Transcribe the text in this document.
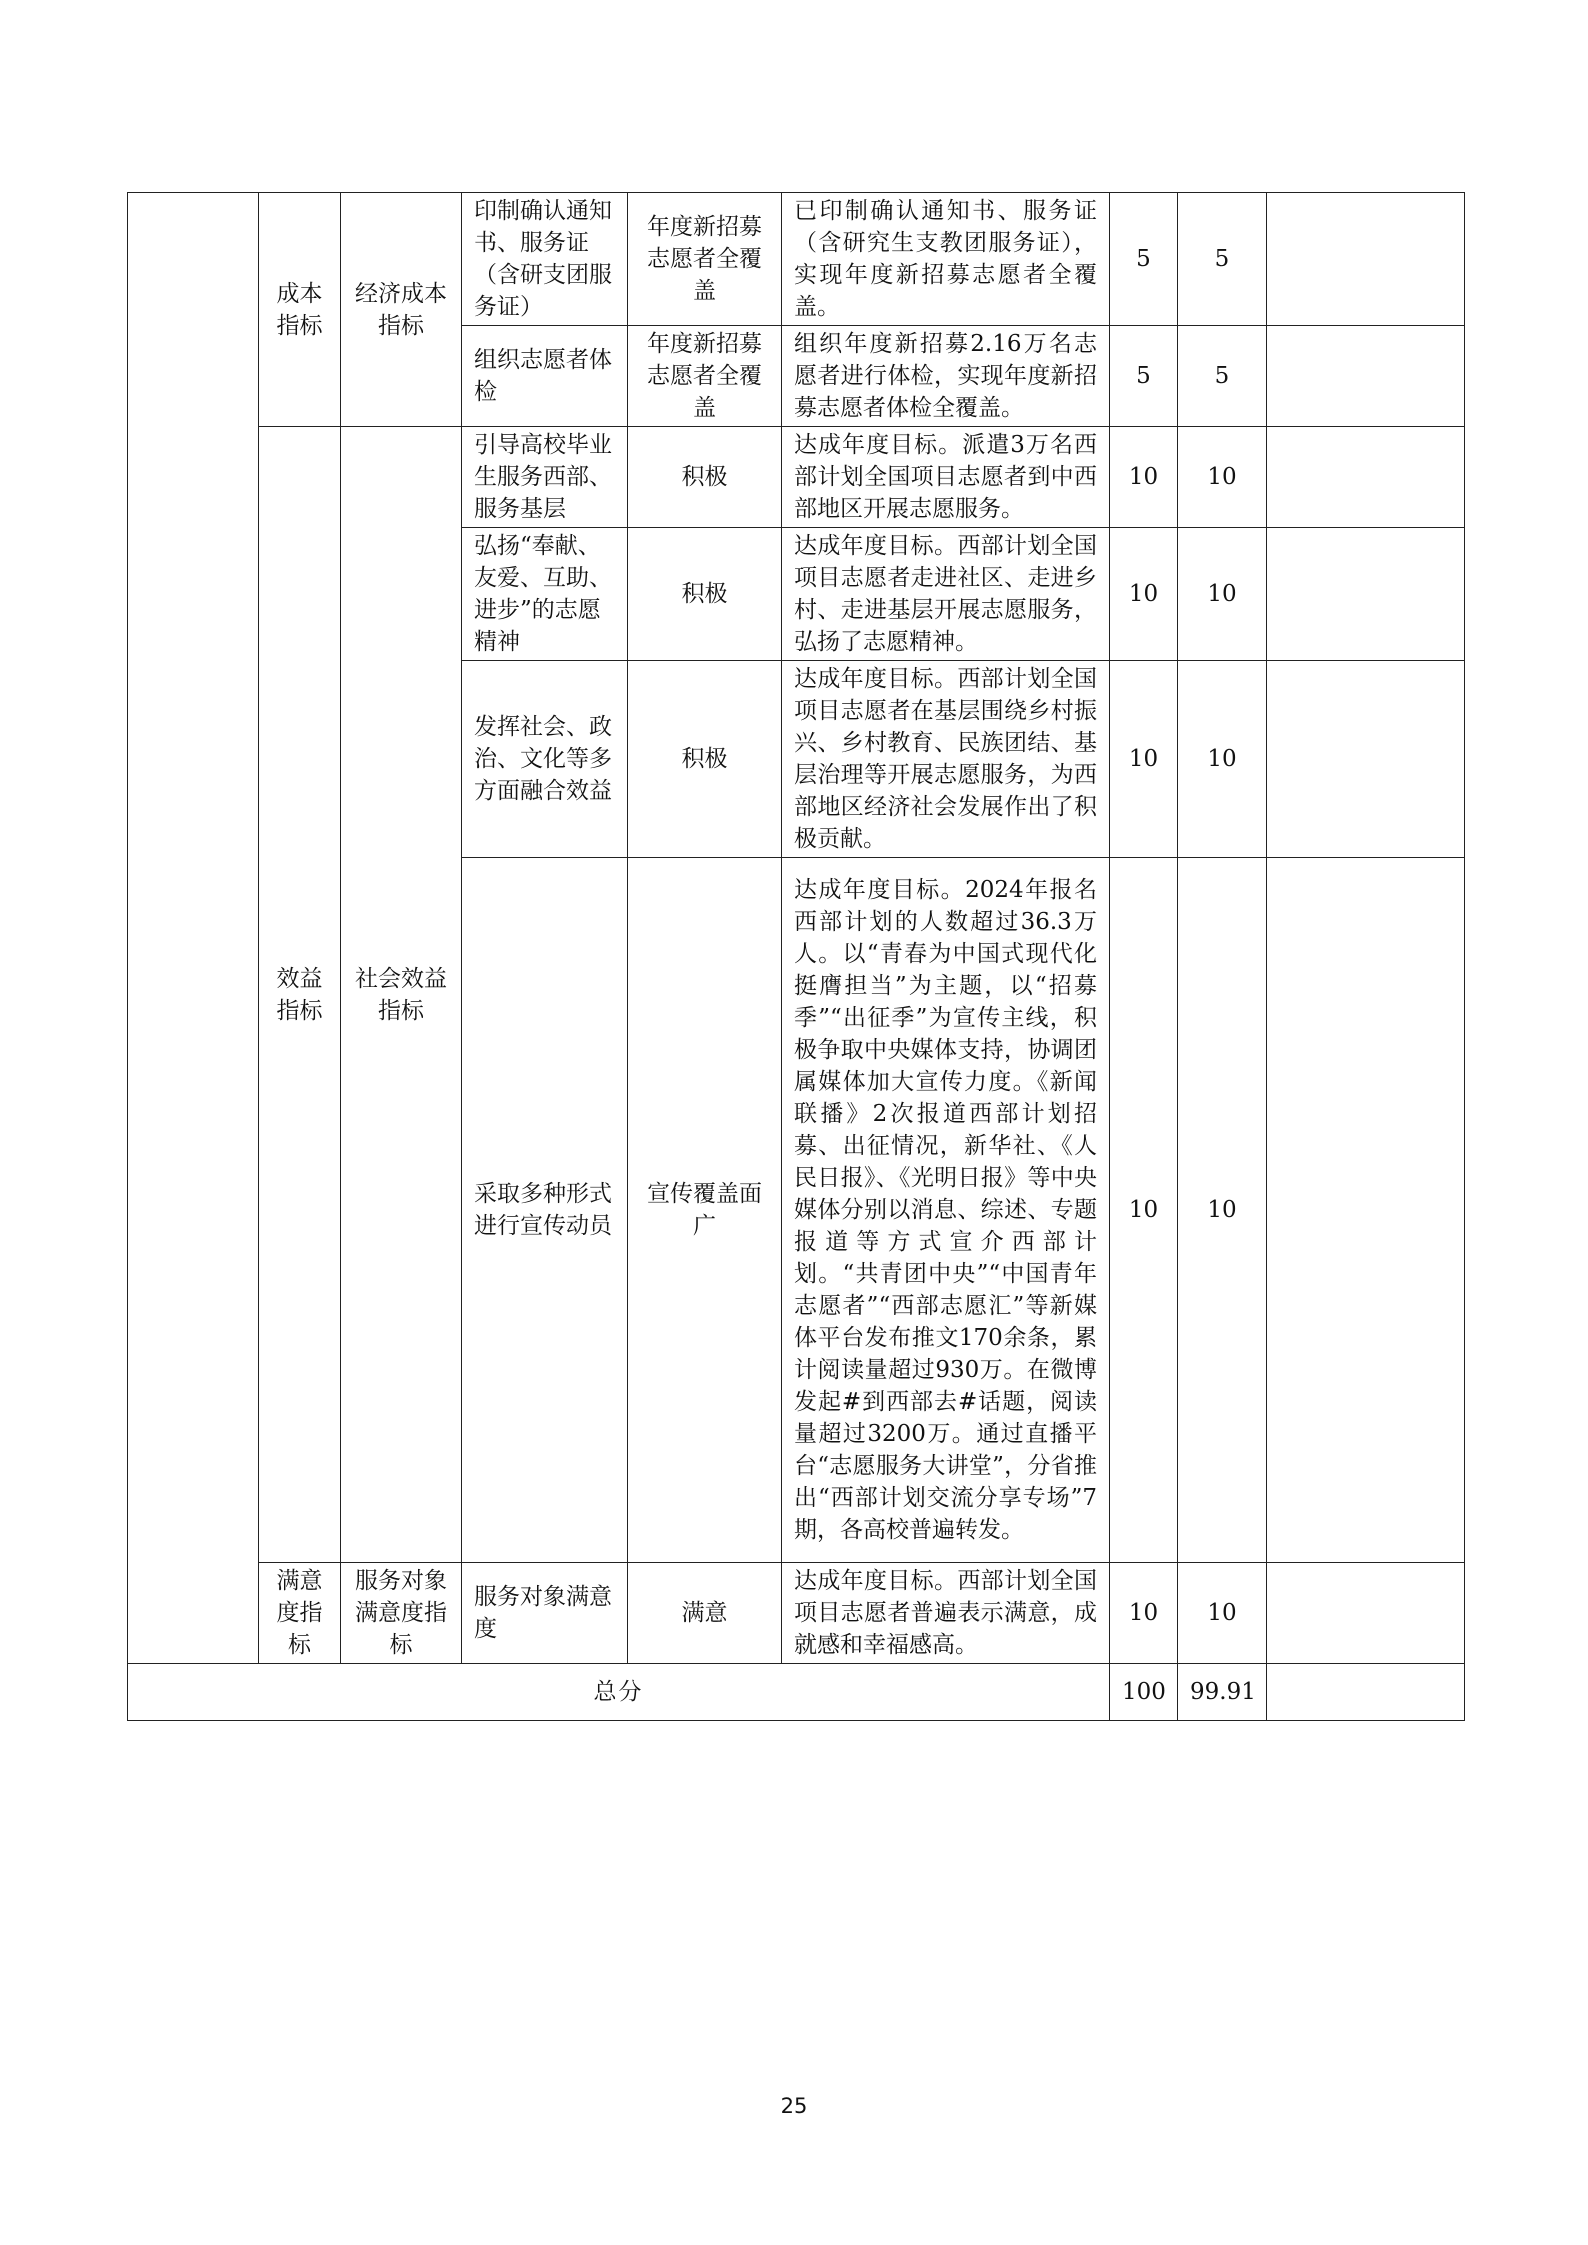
	成本指标	经济成本指标	印制确认通知书、服务证（含研支团服务证）	年度新招募志愿者全覆盖	已印制确认通知书、服务证（含研究生支教团服务证），实现年度新招募志愿者全覆盖。	5	5	
			组织志愿者体检	年度新招募志愿者全覆盖	组织年度新招募2.16万名志愿者进行体检，实现年度新招募志愿者体检全覆盖。	5	5	
	效益指标	社会效益指标	引导高校毕业生服务西部、服务基层	积极	达成年度目标。派遣3万名西部计划全国项目志愿者到中西部地区开展志愿服务。	10	10	
			弘扬“奉献、友爱、互助、进步”的志愿精神	积极	达成年度目标。西部计划全国项目志愿者走进社区、走进乡村、走进基层开展志愿服务，弘扬了志愿精神。	10	10	
			发挥社会、政治、文化等多方面融合效益	积极	达成年度目标。西部计划全国项目志愿者在基层围绕乡村振兴、乡村教育、民族团结、基层治理等开展志愿服务，为西部地区经济社会发展作出了积极贡献。	10	10	
			采取多种形式进行宣传动员	宣传覆盖面广	达成年度目标。2024年报名西部计划的人数超过36.3万人。以“青春为中国式现代化挺膺担当”为主题，以“招募季”“出征季”为宣传主线，积极争取中央媒体支持，协调团属媒体加大宣传力度。《新闻联播》2次报道西部计划招募、出征情况，新华社、《人民日报》、《光明日报》等中央媒体分别以消息、综述、专题报道等方式宣介西部计划。“共青团中央”“中国青年志愿者”“西部志愿汇”等新媒体平台发布推文170余条，累计阅读量超过930万。在微博发起#到西部去#话题，阅读量超过3200万。通过直播平台“志愿服务大讲堂”，分省推出“西部计划交流分享专场”7期，各高校普遍转发。	10	10	
	满意度指标	服务对象满意度指标	服务对象满意度	满意	达成年度目标。西部计划全国项目志愿者普遍表示满意，成就感和幸福感高。	10	10	
总分						100	99.91	
25
